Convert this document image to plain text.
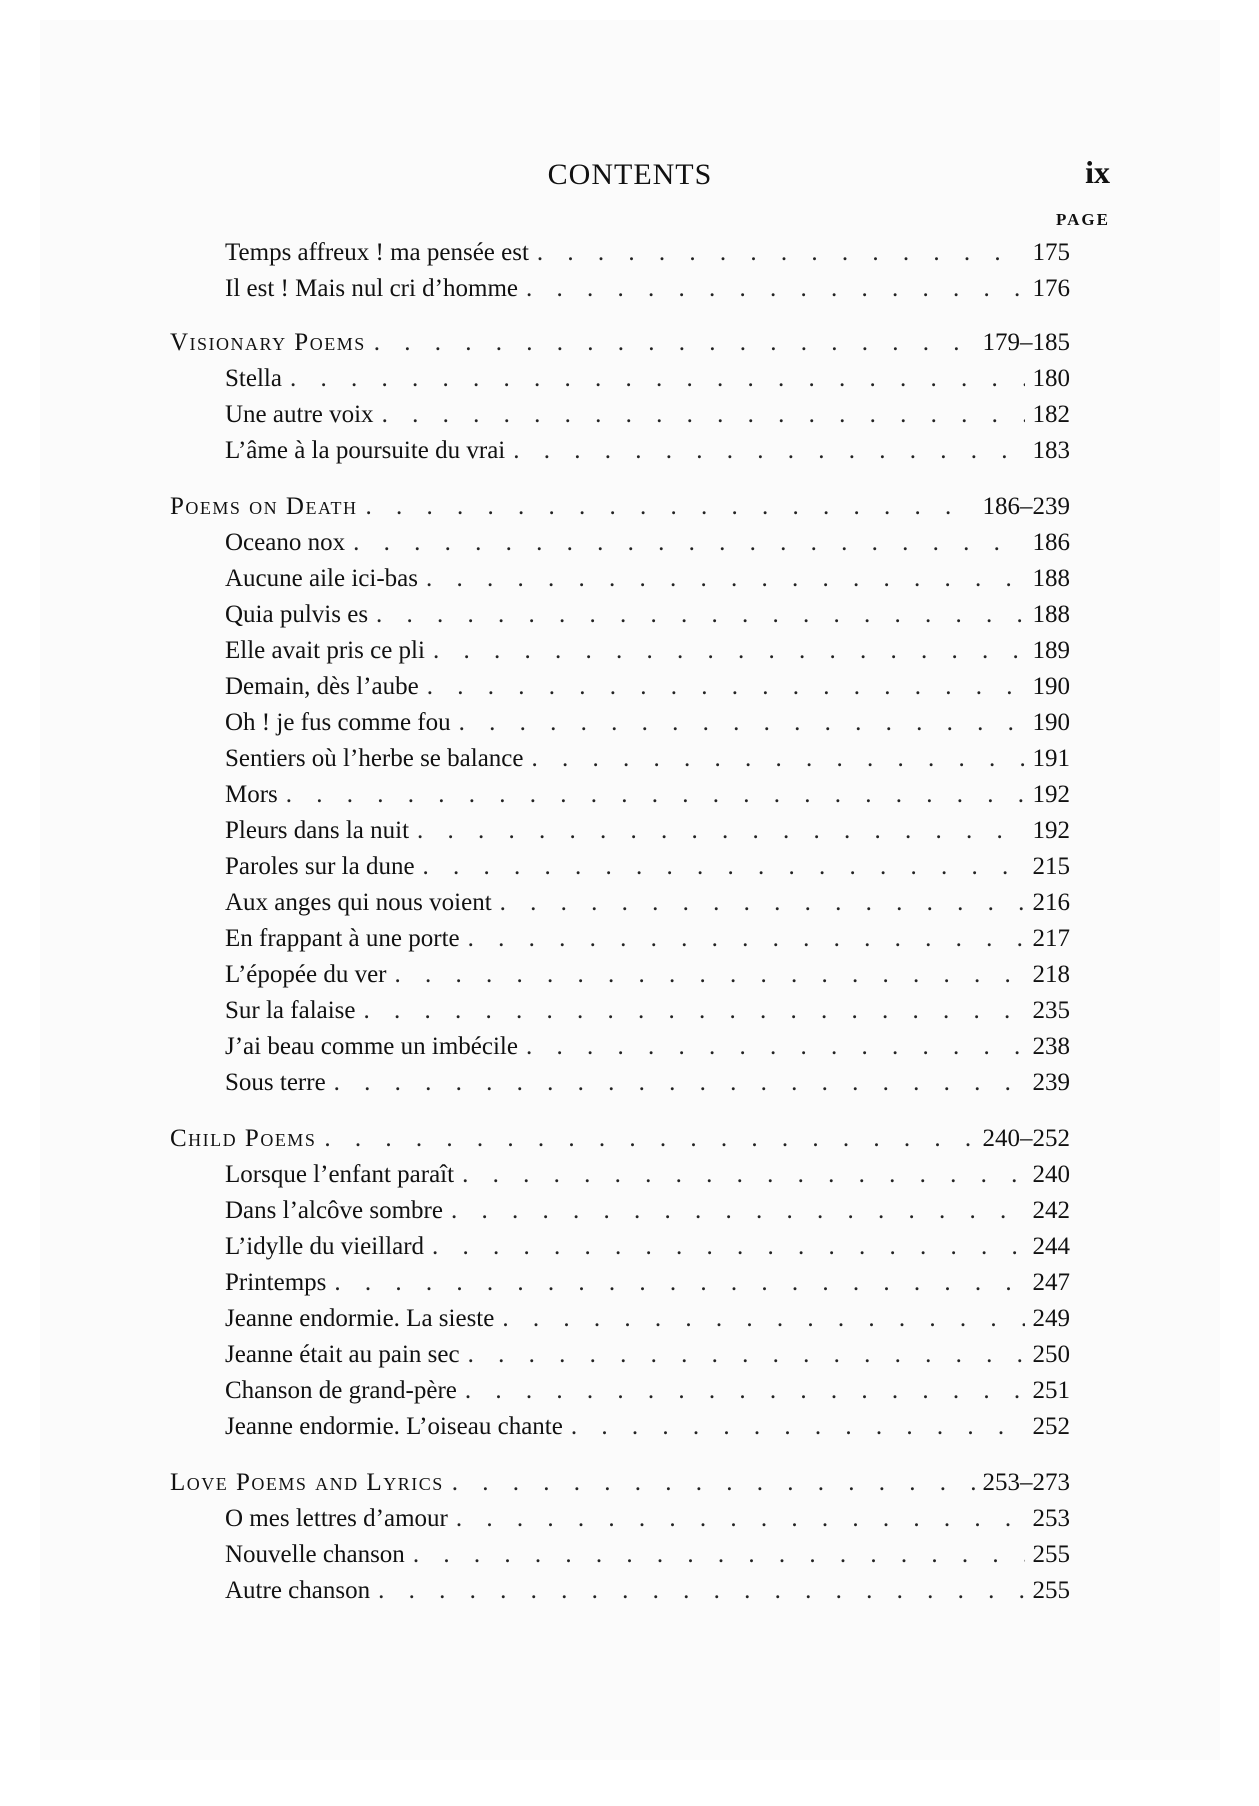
CONTENTS	ix
PAGE
Temps affreux ! ma pensée est . . .	175
Il est ! Mais nul cri d’homme . . .	176
Visionary Poems . . .	179–185
Stella . . .	180
Une autre voix . . .	182
L’âme à la poursuite du vrai . . .	183
Poems on Death . . .	186–239
Oceano nox . . .	186
Aucune aile ici-bas . . .	188
Quia pulvis es . . .	188
Elle avait pris ce pli . . .	189
Demain, dès l’aube . . .	190
Oh ! je fus comme fou . . .	190
Sentiers où l’herbe se balance . . .	191
Mors . . .	192
Pleurs dans la nuit . . .	192
Paroles sur la dune . . .	215
Aux anges qui nous voient . . .	216
En frappant à une porte . . .	217
L’épopée du ver . . .	218
Sur la falaise . . .	235
J’ai beau comme un imbécile . . .	238
Sous terre . . .	239
Child Poems . . .	240–252
Lorsque l’enfant paraît . . .	240
Dans l’alcôve sombre . . .	242
L’idylle du vieillard . . .	244
Printemps . . .	247
Jeanne endormie. La sieste . . .	249
Jeanne était au pain sec . . .	250
Chanson de grand-père . . .	251
Jeanne endormie. L’oiseau chante . . .	252
Love Poems and Lyrics . . .	253–273
O mes lettres d’amour . . .	253
Nouvelle chanson . . .	255
Autre chanson . . .	255
